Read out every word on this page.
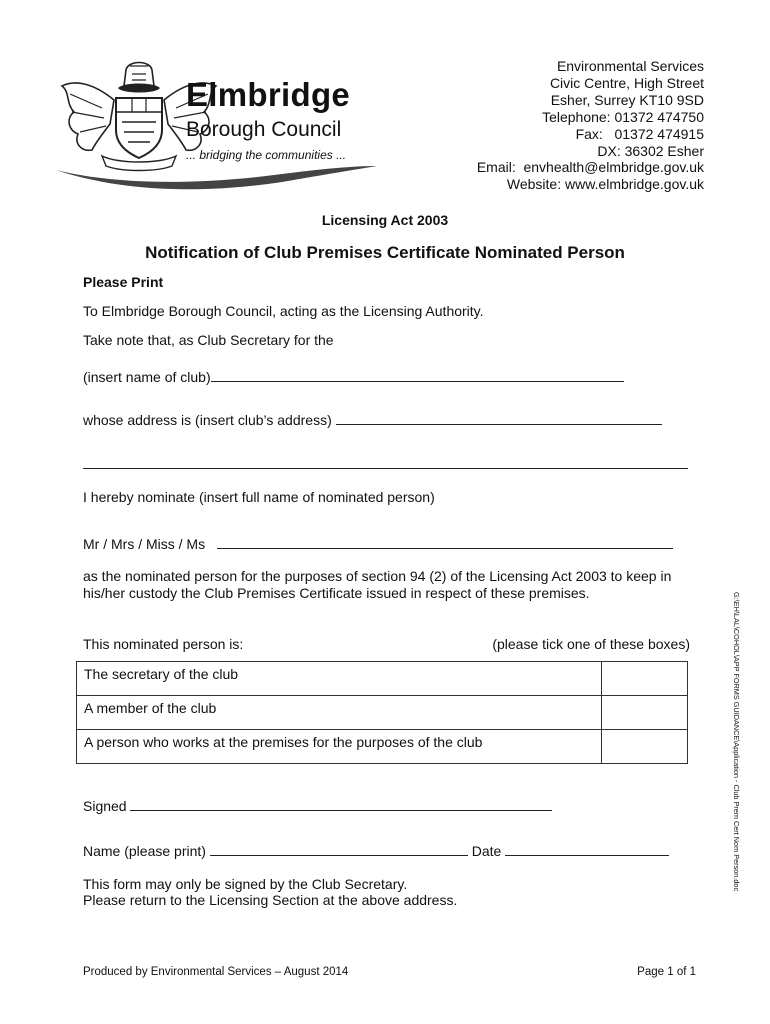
Elmbridge
Borough Council
... bridging the communities ...
Environmental Services
Civic Centre, High Street
Esher, Surrey KT10 9SD
Telephone: 01372 474750
Fax:   01372 474915
DX: 36302 Esher
Email:  envhealth@elmbridge.gov.uk
Website: www.elmbridge.gov.uk
Licensing Act 2003
Notification of Club Premises Certificate Nominated Person
Please Print
To Elmbridge Borough Council, acting as the Licensing Authority.
Take note that, as Club Secretary for the
(insert name of club)
whose address is (insert club’s address)
I hereby nominate (insert full name of nominated person)
Mr / Mrs / Miss / Ms
as the nominated person for the purposes of section 94 (2) of the Licensing Act 2003 to keep in his/her custody the Club Premises Certificate issued in respect of these premises.
This nominated person is:	(please tick one of these boxes)
The secretary of the club	
A member of the club	
A person who works at the premises for the purposes of the club	
Signed
Name (please print)	Date
This form may only be signed by the Club Secretary.
Please return to the Licensing Section at the above address.
G:\EH\LAL\COHOL\APP FORMS GUIDANCE\Application - Club Prem Cert Nom Person.doc
Produced by Environmental Services – August 2014	Page 1 of 1
